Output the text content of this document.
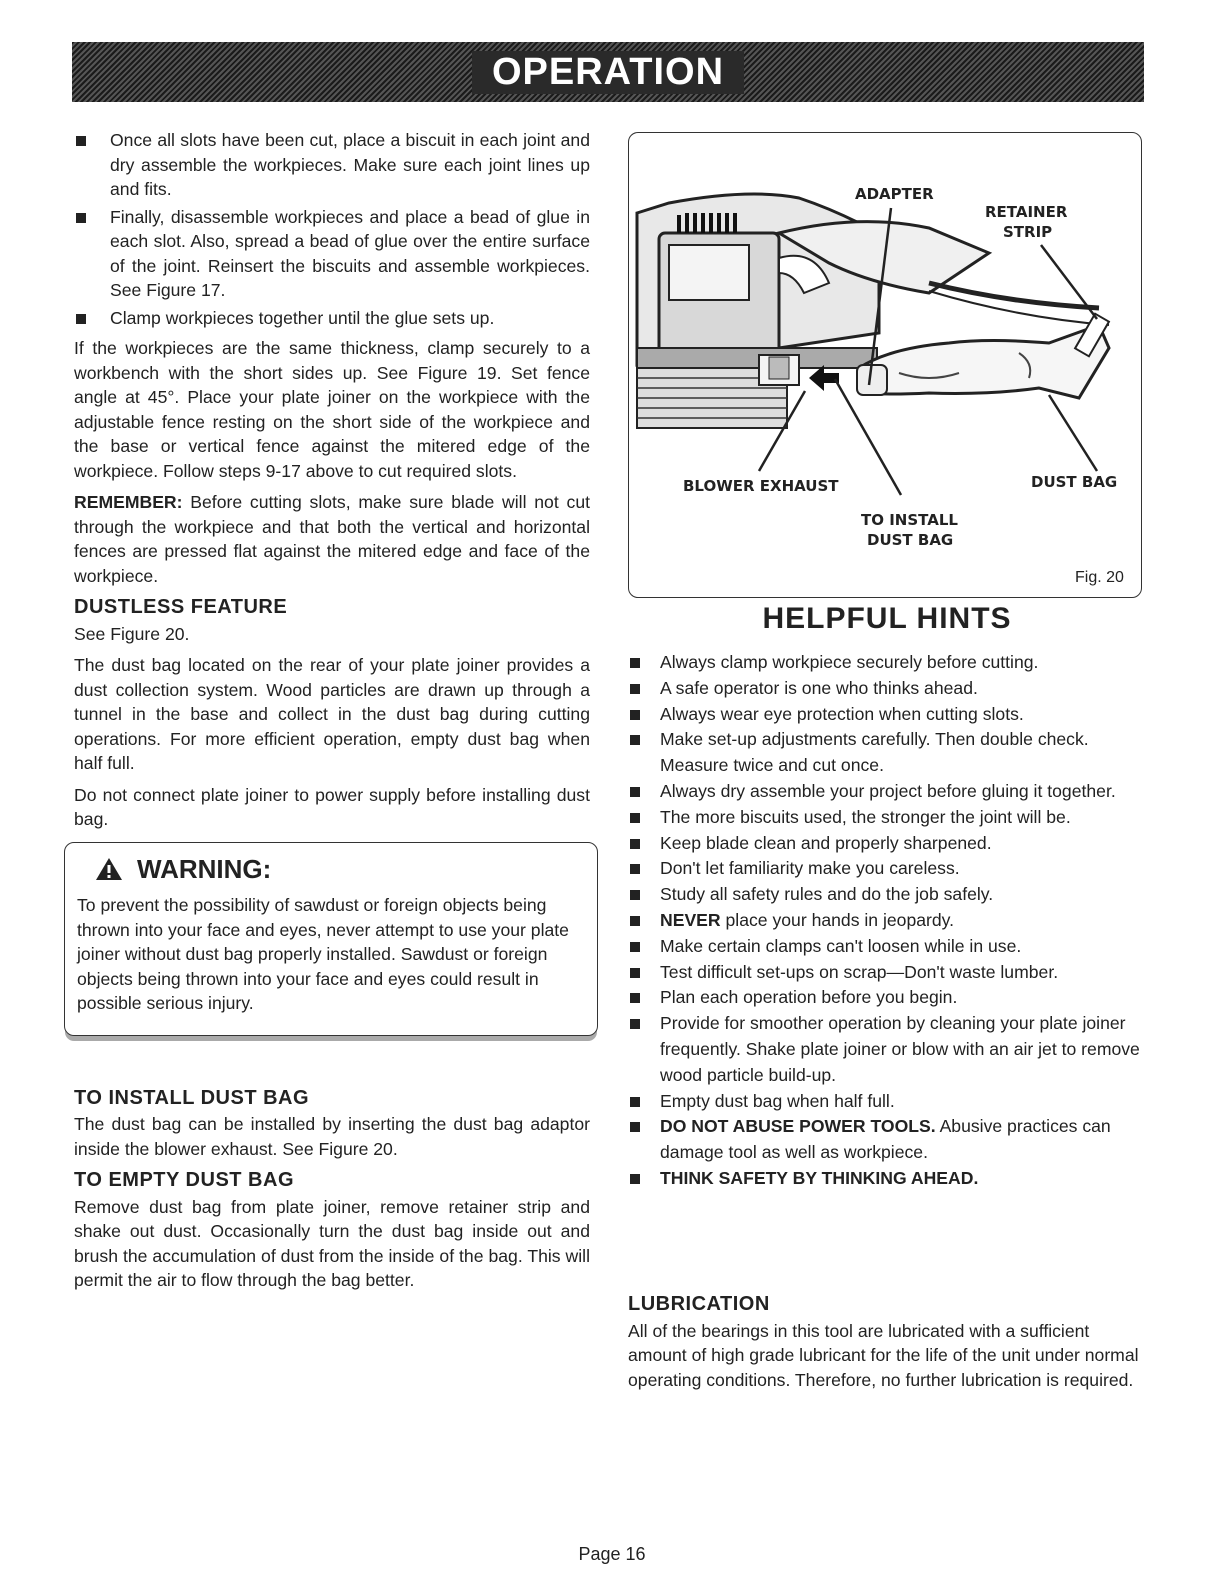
OPERATION
Once all slots have been cut, place a biscuit in each joint and dry assemble the workpieces. Make sure each joint lines up and fits.
Finally, disassemble workpieces and place a bead of glue in each slot. Also, spread a bead of glue over the entire surface of the joint. Reinsert the biscuits and assemble workpieces. See Figure 17.
Clamp workpieces together until the glue sets up.

If the workpieces are the same thickness, clamp securely to a workbench with the short sides up. See Figure 19. Set fence angle at 45°. Place your plate joiner on the workpiece with the adjustable fence resting on the short side of the workpiece and the base or vertical fence against the mitered edge of the workpiece. Follow steps 9-17 above to cut required slots.

REMEMBER: Before cutting slots, make sure blade will not cut through the workpiece and that both the vertical and horizontal fences are pressed flat against the mitered edge and face of the workpiece.

DUSTLESS FEATURE

See Figure 20.

The dust bag located on the rear of your plate joiner provides a dust collection system. Wood particles are drawn up through a tunnel in the base and collect in the dust bag during cutting operations. For more efficient operation, empty dust bag when half full.

Do not connect plate joiner to power supply before installing dust bag.

WARNING:

To prevent the possibility of sawdust or foreign objects being thrown into your face and eyes, never attempt to use your plate joiner without dust bag properly installed. Sawdust or foreign objects being thrown into your face and eyes could result in possible serious injury.

TO INSTALL DUST BAG

The dust bag can be installed by inserting the dust bag adaptor inside the blower exhaust. See Figure 20.

TO EMPTY DUST BAG

Remove dust bag from plate joiner, remove retainer strip and shake out dust. Occasionally turn the dust bag inside out and brush the accumulation of dust from the inside of the bag. This will permit the air to flow through the bag better.

ADAPTER
RETAINER
STRIP
BLOWER EXHAUST	DUST BAG
TO INSTALL
DUST BAG
Fig. 20
HELPFUL HINTS
Always clamp workpiece securely before cutting.
A safe operator is one who thinks ahead.
Always wear eye protection when cutting slots.
Make set-up adjustments carefully. Then double check. Measure twice and cut once.
Always dry assemble your project before gluing it together.
The more biscuits used, the stronger the joint will be.
Keep blade clean and properly sharpened.
Don't let familiarity make you careless.
Study all safety rules and do the job safely.
NEVER place your hands in jeopardy.
Make certain clamps can't loosen while in use.
Test difficult set-ups on scrap—Don't waste lumber.
Plan each operation before you begin.
Provide for smoother operation by cleaning your plate joiner frequently. Shake plate joiner or blow with an air jet to remove wood particle build-up.
Empty dust bag when half full.
DO NOT ABUSE POWER TOOLS. Abusive practices can damage tool as well as workpiece.
THINK SAFETY BY THINKING AHEAD.
LUBRICATION

All of the bearings in this tool are lubricated with a sufficient amount of high grade lubricant for the life of the unit under normal operating conditions. Therefore, no further lubrication is required.

Page 16
